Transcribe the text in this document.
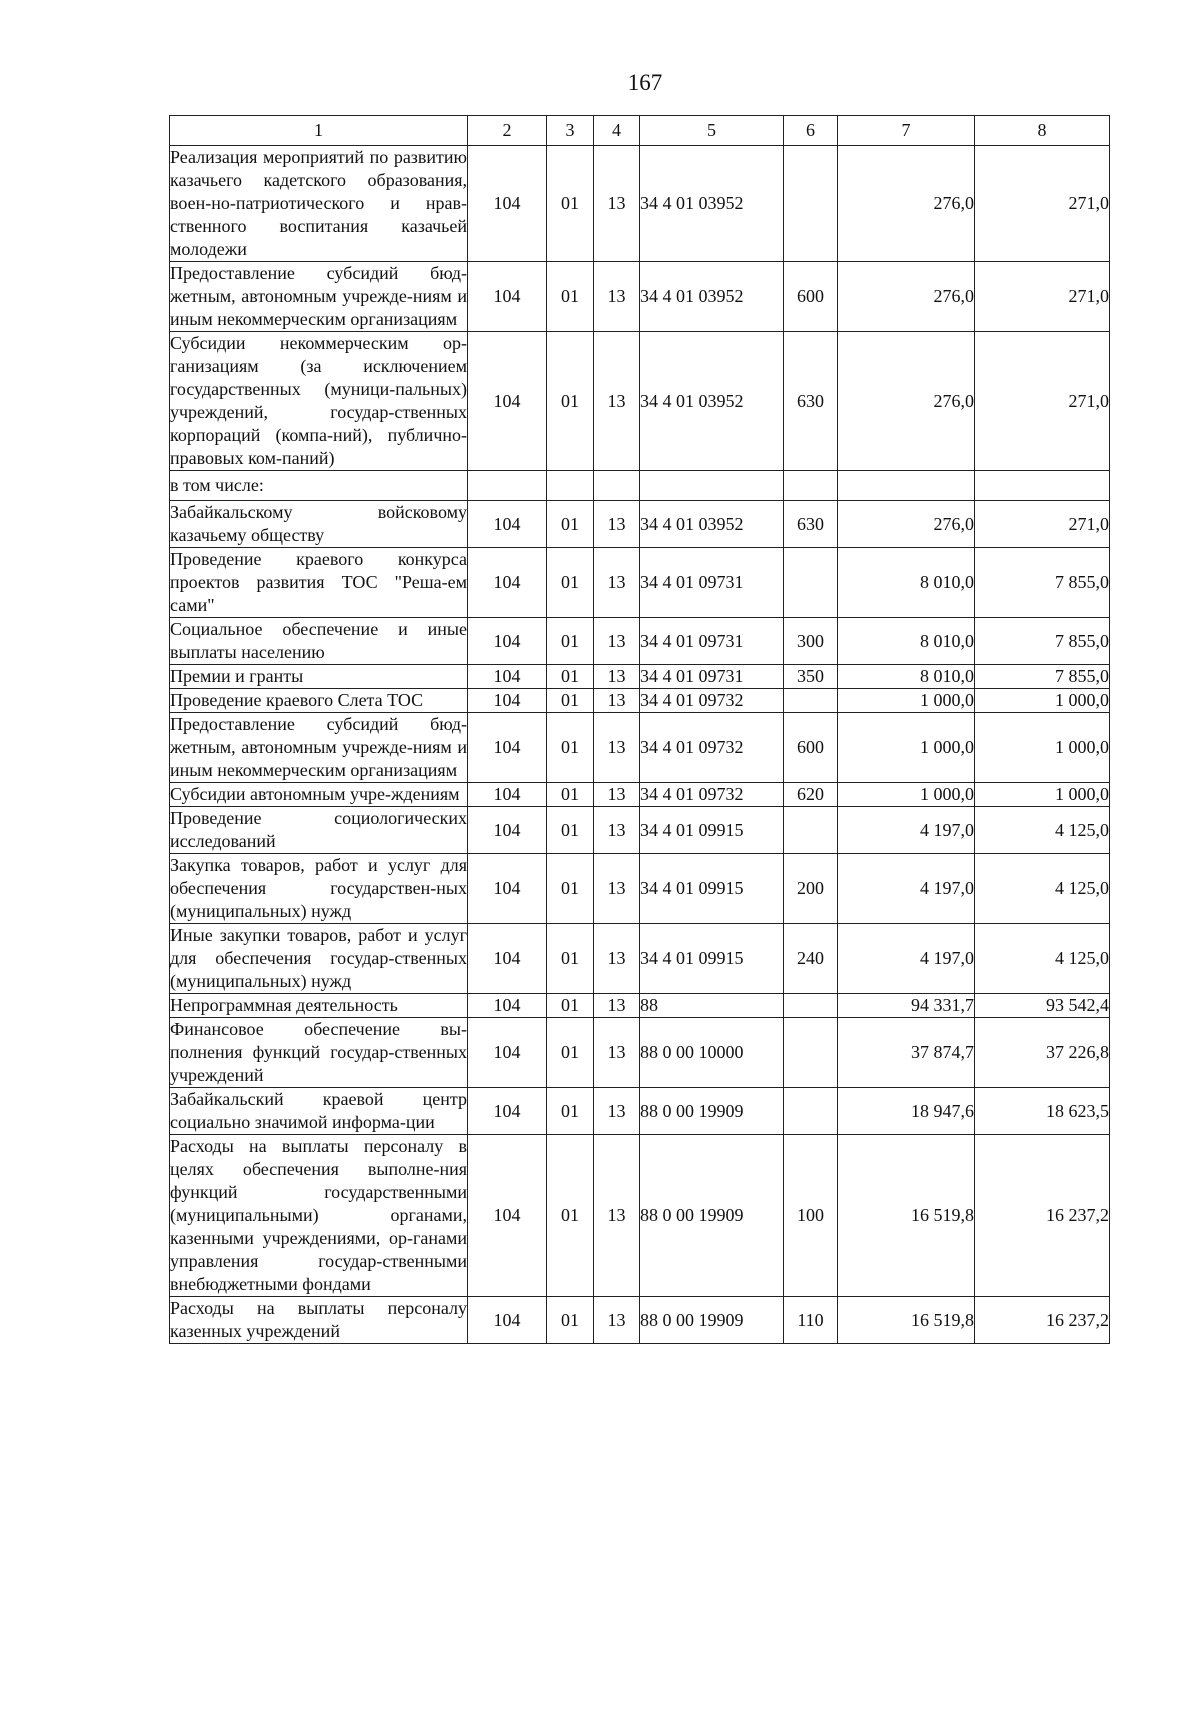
167
1	2	3	4	5	6	7	8
Реализация мероприятий по развитию казачьего кадетского образования, воен-но-патриотического и нрав-ственного воспитания казачьей молодежи	104	01	13	34 4 01 03952		276,0	271,0
Предоставление субсидий бюд-жетным, автономным учрежде-ниям и иным некоммерческим организациям	104	01	13	34 4 01 03952	600	276,0	271,0
Субсидии некоммерческим ор-ганизациям (за исключением государственных (муници-пальных) учреждений, государ-ственных корпораций (компа-ний), публично-правовых ком-паний)	104	01	13	34 4 01 03952	630	276,0	271,0
в том числе:							
Забайкальскому войсковому казачьему обществу	104	01	13	34 4 01 03952	630	276,0	271,0
Проведение краевого конкурса проектов развития ТОС "Реша-ем сами"	104	01	13	34 4 01 09731		8 010,0	7 855,0
Социальное обеспечение и иные выплаты населению	104	01	13	34 4 01 09731	300	8 010,0	7 855,0
Премии и гранты	104	01	13	34 4 01 09731	350	8 010,0	7 855,0
Проведение краевого Слета ТОС	104	01	13	34 4 01 09732		1 000,0	1 000,0
Предоставление субсидий бюд-жетным, автономным учрежде-ниям и иным некоммерческим организациям	104	01	13	34 4 01 09732	600	1 000,0	1 000,0
Субсидии автономным учре-ждениям	104	01	13	34 4 01 09732	620	1 000,0	1 000,0
Проведение социологических исследований	104	01	13	34 4 01 09915		4 197,0	4 125,0
Закупка товаров, работ и услуг для обеспечения государствен-ных (муниципальных) нужд	104	01	13	34 4 01 09915	200	4 197,0	4 125,0
Иные закупки товаров, работ и услуг для обеспечения государ-ственных (муниципальных) нужд	104	01	13	34 4 01 09915	240	4 197,0	4 125,0
Непрограммная деятельность	104	01	13	88		94 331,7	93 542,4
Финансовое обеспечение вы-полнения функций государ-ственных учреждений	104	01	13	88 0 00 10000		37 874,7	37 226,8
Забайкальский краевой центр социально значимой информа-ции	104	01	13	88 0 00 19909		18 947,6	18 623,5
Расходы на выплаты персоналу в целях обеспечения выполне-ния функций государственными (муниципальными) органами, казенными учреждениями, ор-ганами управления государ-ственными внебюджетными фондами	104	01	13	88 0 00 19909	100	16 519,8	16 237,2
Расходы на выплаты персоналу казенных учреждений	104	01	13	88 0 00 19909	110	16 519,8	16 237,2
